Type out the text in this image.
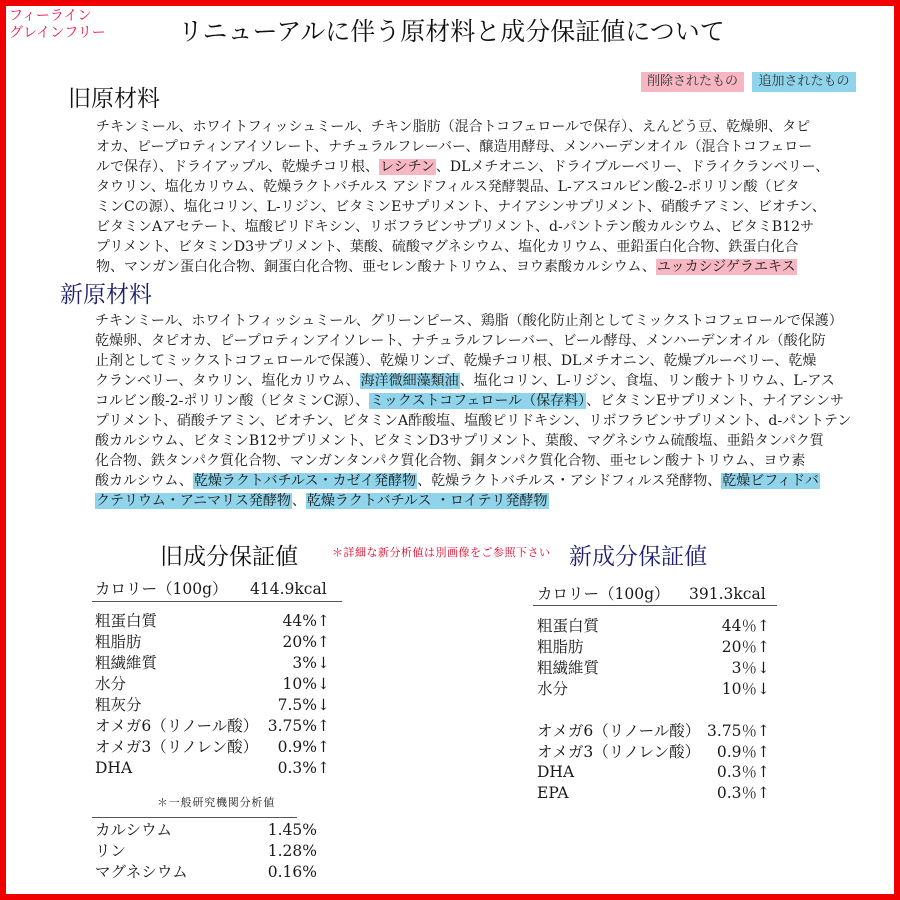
フィーライン
グレインフリー	リニューアルに伴う原材料と成分保証値について
削除されたもの	追加されたもの
旧原材料
チキンミール、ホワイトフィッシュミール、チキン脂肪（混合トコフェロールで保存）、えんどう豆、乾燥卵、タピ
オカ、ピープロティンアイソレート、ナチュラルフレーバー、醸造用酵母、メンハーデンオイル（混合トコフェロー
ルで保存）、ドライアップル、乾燥チコリ根、レシチン、DLメチオニン、ドライブルーベリー、ドライクランベリー、
タウリン、塩化カリウム、乾燥ラクトバチルス アシドフィルス発酵製品、L-アスコルビン酸-2-ポリリン酸（ビタ
ミンCの源）、塩化コリン、L-リジン、ビタミンEサプリメント、ナイアシンサプリメント、硝酸チアミン、ビオチン、
ビタミンAアセテート、塩酸ピリドキシン、リボフラビンサプリメント、d-パントテン酸カルシウム、ビタミB12サ
プリメント、ビタミンD3サプリメント、葉酸、硫酸マグネシウム、塩化カリウム、亜鉛蛋白化合物、鉄蛋白化合
物、マンガン蛋白化合物、銅蛋白化合物、亜セレン酸ナトリウム、ヨウ素酸カルシウム、ユッカシジゲラエキス
新原材料
チキンミール、ホワイトフィッシュミール、グリーンピース、鶏脂（酸化防止剤としてミックストコフェロールで保護）
乾燥卵、タピオカ、ピープロティンアイソレート、ナチュラルフレーバー、ビール酵母、メンハーデンオイル（酸化防
止剤としてミックストコフェロールで保護）、乾燥リンゴ、乾燥チコリ根、DLメチオニン、乾燥ブルーベリー、乾燥
クランベリー、タウリン、塩化カリウム、海洋微細藻類油、塩化コリン、L-リジン、食塩、リン酸ナトリウム、L-アス
コルビン酸-2-ポリリン酸（ビタミンC源）、ミックストコフェロール（保存料）、ビタミンEサプリメント、ナイアシンサ
プリメント、硝酸チアミン、ビオチン、ビタミンA酢酸塩、塩酸ピリドキシン、リボフラビンサプリメント、d-パントテン
酸カルシウム、ビタミンB12サプリメント、ビタミンD3サプリメント、葉酸、マグネシウム硫酸塩、亜鉛タンパク質
化合物、鉄タンパク質化合物、マンガンタンパク質化合物、銅タンパク質化合物、亜セレン酸ナトリウム、ヨウ素
酸カルシウム、乾燥ラクトバチルス・カゼイ発酵物、乾燥ラクトバチルス・アシドフィルス発酵物、乾燥ビフィドバ
クテリウム・アニマリス発酵物、乾燥ラクトバチルス ・ロイテリ発酵物
旧成分保証値	＊詳細な新分析値は別画像をご参照下さい 新成分保証値
カロリー（100g） 414.9kcal
粗蛋白質	44%↑
粗脂肪	20%↑
粗繊維質	3%↓
水分	10%↓
粗灰分	7.5%↓
オメガ6（リノール酸） 3.75%↑
オメガ3（リノレン酸） 0.9%↑
DHA	0.3%↑
＊一般研究機関分析値
カルシウム	1.45%
リン	1.28%
マグネシウム	0.16%
カロリー（100g） 391.3kcal
粗蛋白質	44％↑
粗脂肪	20％↑
粗繊維質	3％↓
水分	10％↓
オメガ6（リノール酸） 3.75％↑
オメガ3（リノレン酸） 0.9％↑
DHA	0.3％↑
EPA	0.3％↑
